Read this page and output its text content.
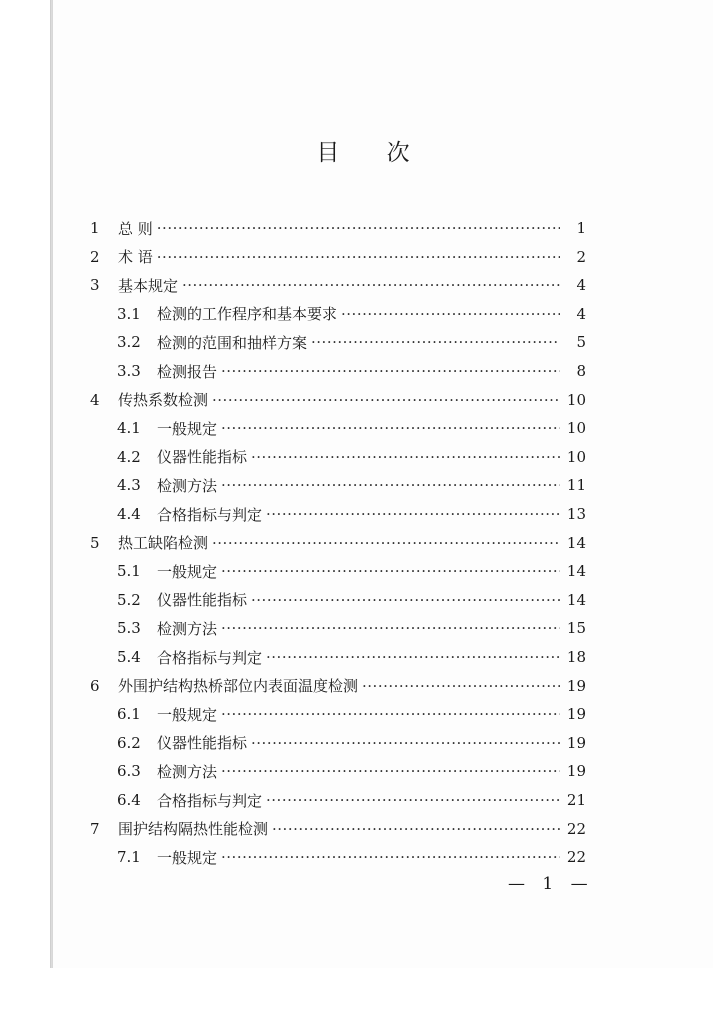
目 次
1	总 则 ·····	1
2	术 语 ·····	2
3	基本规定 ·····	4
3.1	检测的工作程序和基本要求 ·····	4
3.2	检测的范围和抽样方案 ·····	5
3.3	检测报告 ·····	8
4	传热系数检测 ·····	10
4.1	一般规定 ·····	10
4.2	仪器性能指标 ·····	10
4.3	检测方法 ·····	11
4.4	合格指标与判定 ·····	13
5	热工缺陷检测 ·····	14
5.1	一般规定 ·····	14
5.2	仪器性能指标 ·····	14
5.3	检测方法 ·····	15
5.4	合格指标与判定 ·····	18
6	外围护结构热桥部位内表面温度检测 ·····	19
6.1	一般规定 ·····	19
6.2	仪器性能指标 ·····	19
6.3	检测方法 ·····	19
6.4	合格指标与判定 ·····	21
7	围护结构隔热性能检测 ·····	22
7.1	一般规定 ·····	22
— 1 —
